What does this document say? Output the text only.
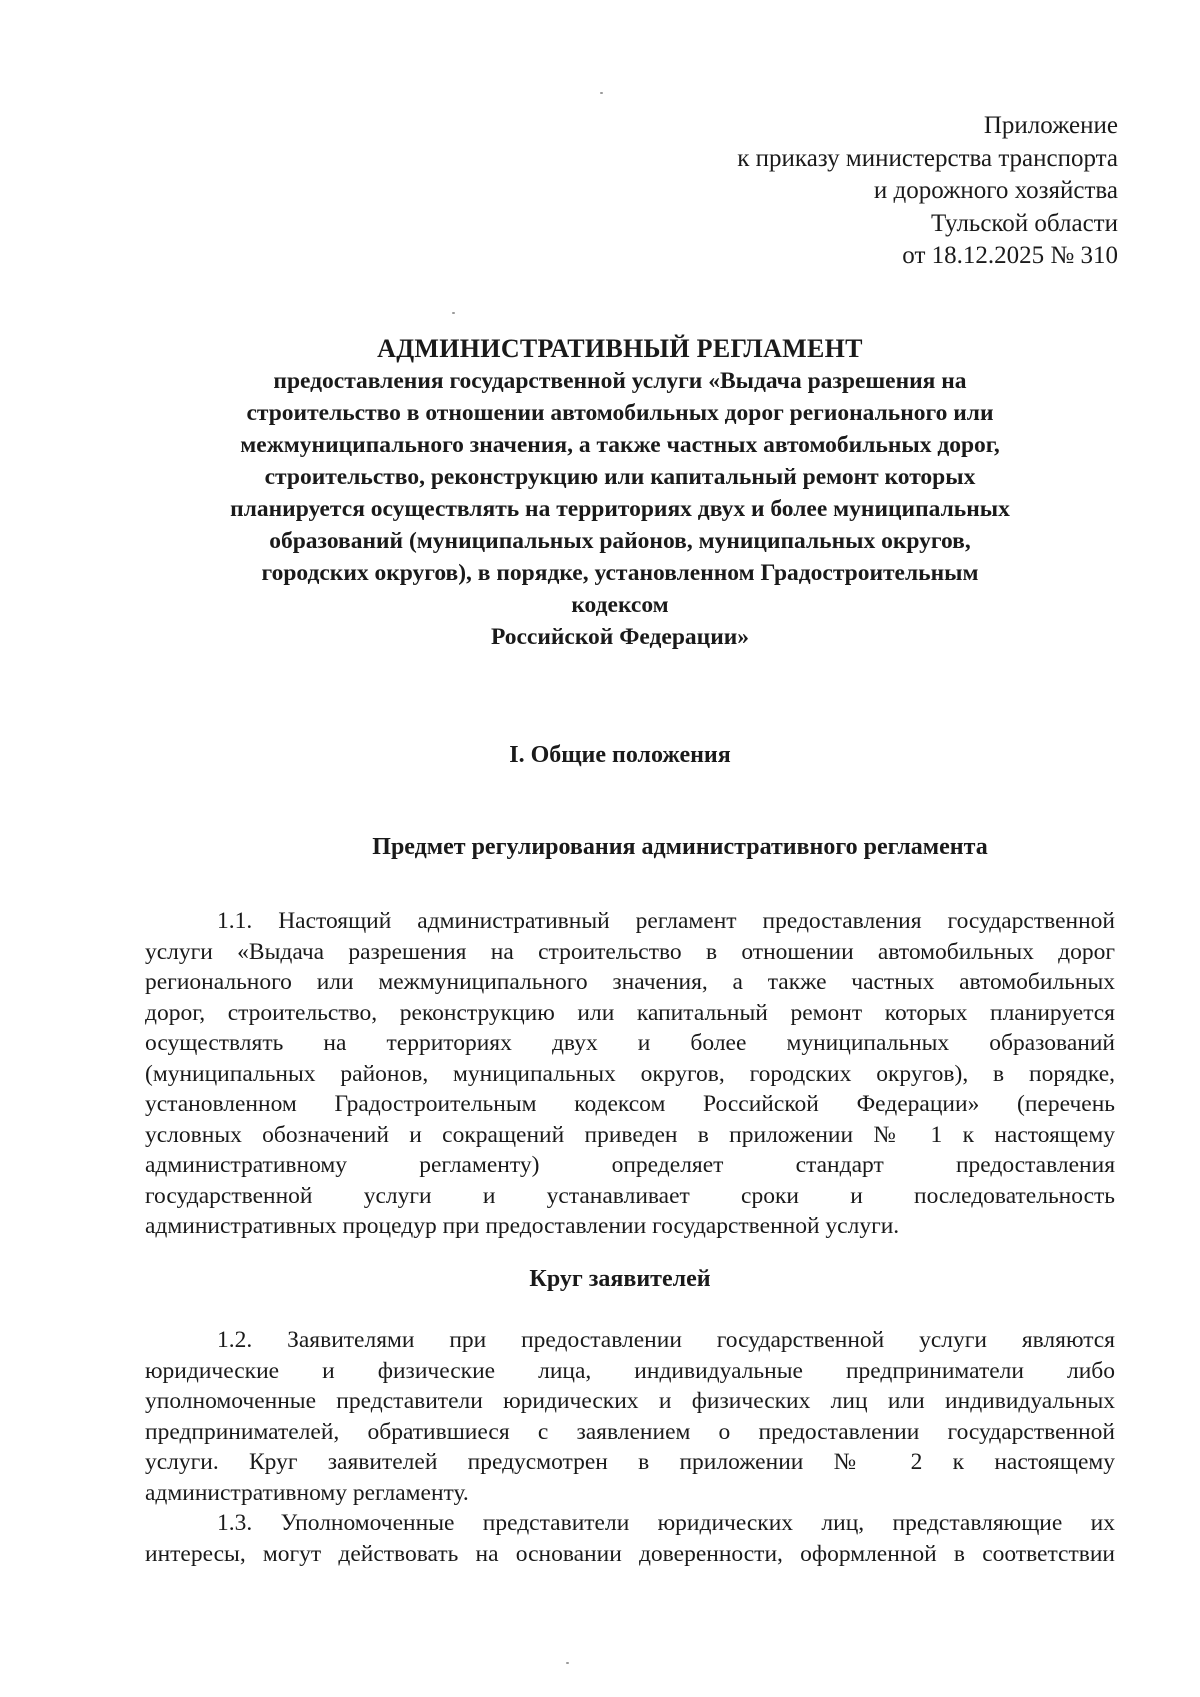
Приложение
к приказу министерства транспорта
и дорожного хозяйства
Тульской области
от 18.12.2025 № 310
АДМИНИСТРАТИВНЫЙ РЕГЛАМЕНТ
предоставления государственной услуги «Выдача разрешения на
строительство в отношении автомобильных дорог регионального или
межмуниципального значения, а также частных автомобильных дорог,
строительство, реконструкцию или капитальный ремонт которых
планируется осуществлять на территориях двух и более муниципальных
образований (муниципальных районов, муниципальных округов,
городских округов), в порядке, установленном Градостроительным
кодексом
Российской Федерации»
I. Общие положения
Предмет регулирования административного регламента
1.1. Настоящий административный регламент предоставления государственной
услуги «Выдача разрешения на строительство в отношении автомобильных дорог
регионального или межмуниципального значения, а также частных автомобильных
дорог, строительство, реконструкцию или капитальный ремонт которых планируется
осуществлять на территориях двух и более муниципальных образований
(муниципальных районов, муниципальных округов, городских округов), в порядке,
установленном Градостроительным кодексом Российской Федерации» (перечень
условных обозначений и сокращений приведен в приложении № 1 к настоящему
административному регламенту) определяет стандарт предоставления
государственной услуги и устанавливает сроки и последовательность
административных процедур при предоставлении государственной услуги.
Круг заявителей
1.2. Заявителями при предоставлении государственной услуги являются
юридические и физические лица, индивидуальные предприниматели либо
уполномоченные представители юридических и физических лиц или индивидуальных
предпринимателей, обратившиеся с заявлением о предоставлении государственной
услуги. Круг заявителей предусмотрен в приложении № 2 к настоящему
административному регламенту.
1.3. Уполномоченные представители юридических лиц, представляющие их
интересы, могут действовать на основании доверенности, оформленной в соответствии
